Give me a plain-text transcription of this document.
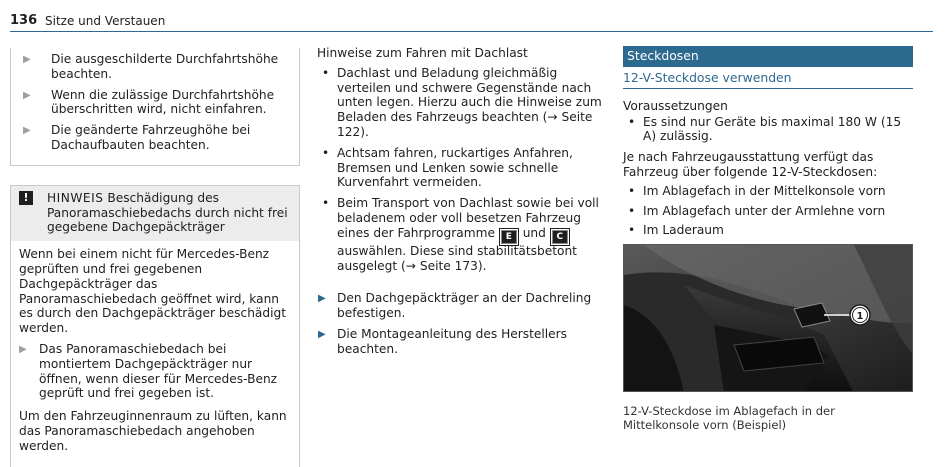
136 Sitze und Verstauen
▶ Die ausgeschilderte Durchfahrtshöhe beachten.
▶ Wenn die zulässige Durchfahrtshöhe überschritten wird, nicht einfahren.
▶ Die geänderte Fahrzeughöhe bei Dachaufbauten beachten.
!	HINWEIS Beschädigung des Panoramaschiebedachs durch nicht frei gegebene Dachgepäckträger

Wenn bei einem nicht für Mercedes-Benz geprüften und frei gegebenen Dachgepäckträger das Panoramaschiebedach geöffnet wird, kann es durch den Dachgepäckträger beschädigt werden.

▶ Das Panoramaschiebedach bei montiertem Dachgepäckträger nur öffnen, wenn dieser für Mercedes-Benz geprüft und frei gegeben ist.

Um den Fahrzeuginnenraum zu lüften, kann das Panoramaschiebedach angehoben werden.

Hinweise zum Fahren mit Dachlast
• Dachlast und Beladung gleichmäßig verteilen und schwere Gegenstände nach unten legen. Hierzu auch die Hinweise zum Beladen des Fahrzeugs beachten (→ Seite 122).
• Achtsam fahren, ruckartiges Anfahren, Bremsen und Lenken sowie schnelle Kurvenfahrt vermeiden.
• Beim Transport von Dachlast sowie bei voll beladenem oder voll besetzen Fahrzeug eines der Fahrprogramme E und C auswählen. Diese sind stabilitätsbetont ausgelegt (→ Seite 173).
▶ Den Dachgepäckträger an der Dachreling befestigen.
▶ Die Montageanleitung des Herstellers beachten.
Steckdosen
12-V-Steckdose verwenden
Voraussetzungen
• Es sind nur Geräte bis maximal 180 W (15 A) zulässig.

Je nach Fahrzeugausstattung verfügt das Fahrzeug über folgende 12-V-Steckdosen:

• Im Ablagefach in der Mittelkonsole vorn
• Im Ablagefach unter der Armlehne vorn
• Im Laderaum
1
12-V-Steckdose im Ablagefach in der Mittelkonsole vorn (Beispiel)
